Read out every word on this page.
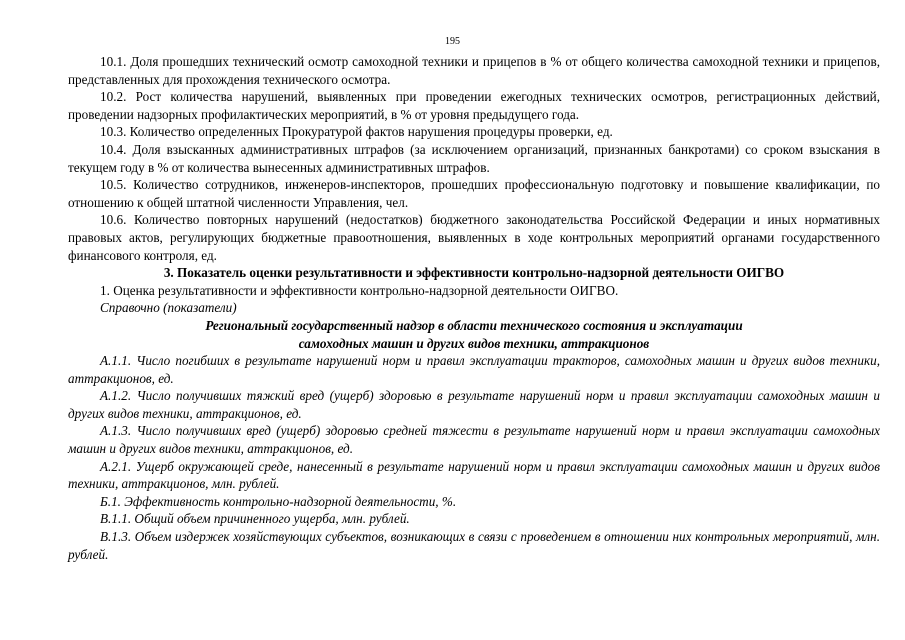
195

10.1. Доля прошедших технический осмотр самоходной техники и прицепов в % от общего количества самоходной техники и прицепов, представленных для прохождения технического осмотра.

10.2. Рост количества нарушений, выявленных при проведении ежегодных технических осмотров, регистрационных действий, проведении надзорных профилактических мероприятий, в % от уровня предыдущего года.

10.3. Количество определенных Прокуратурой фактов нарушения процедуры проверки, ед.

10.4. Доля взысканных административных штрафов (за исключением организаций, признанных банкротами) со сроком взыскания в текущем году в % от количества вынесенных административных штрафов.

10.5. Количество сотрудников, инженеров-инспекторов, прошедших профессиональную подготовку и повышение квалификации, по отношению к общей штатной численности Управления, чел.

10.6. Количество повторных нарушений (недостатков) бюджетного законодательства Российской Федерации и иных нормативных правовых актов, регулирующих бюджетные правоотношения, выявленных в ходе контрольных мероприятий органами государственного финансового контроля, ед.

3. Показатель оценки результативности и эффективности контрольно-надзорной деятельности ОИГВО

1. Оценка результативности и эффективности контрольно-надзорной деятельности ОИГВО.

Справочно (показатели)

Региональный государственный надзор в области технического состояния и эксплуатации

самоходных машин и других видов техники, аттракционов

А.1.1. Число погибших в результате нарушений норм и правил эксплуатации тракторов, самоходных машин и других видов техники, аттракционов, ед.

А.1.2. Число получивших тяжкий вред (ущерб) здоровью в результате нарушений норм и правил эксплуатации самоходных машин и других видов техники, аттракционов, ед.

А.1.3. Число получивших вред (ущерб) здоровью средней тяжести в результате нарушений норм и правил эксплуатации самоходных машин и других видов техники, аттракционов, ед.

А.2.1. Ущерб окружающей среде, нанесенный в результате нарушений норм и правил эксплуатации самоходных машин и других видов техники, аттракционов, млн. рублей.

Б.1. Эффективность контрольно-надзорной деятельности, %.

В.1.1. Общий объем причиненного ущерба, млн. рублей.

В.1.3. Объем издержек хозяйствующих субъектов, возникающих в связи с проведением в отношении них контрольных мероприятий, млн. рублей.
